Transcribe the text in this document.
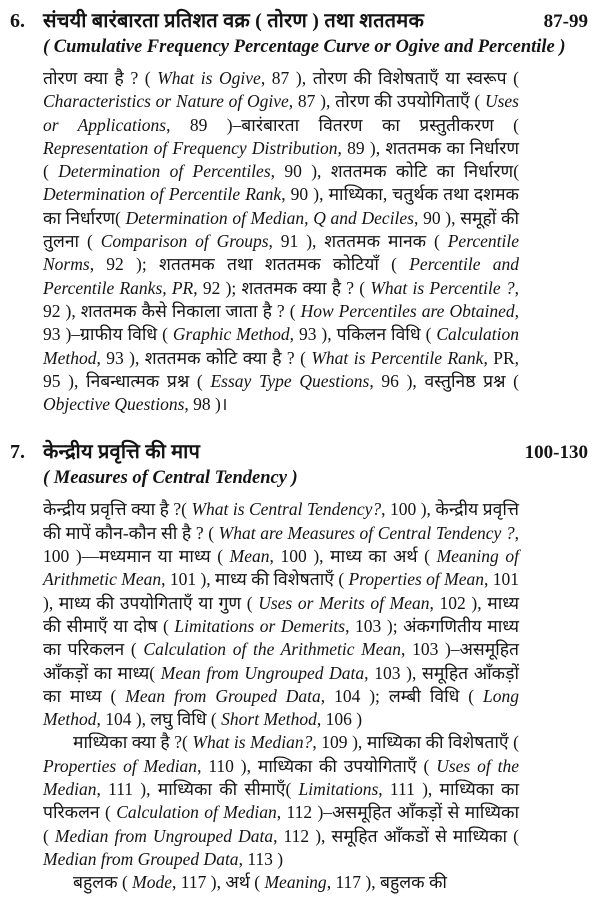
6. संचयी बारंबारता प्रतिशत वक्र ( तोरण ) तथा शततमक	87-99
( Cumulative Frequency Percentage Curve or Ogive and Percentile )

तोरण क्या है ? ( What is Ogive, 87 ), तोरण की विशेषताएँ या स्वरूप ( Characteristics or Nature of Ogive, 87 ), तोरण की उपयोगिताएँ ( Uses or Applications, 89 )–बारंबारता वितरण का प्रस्तुतीकरण ( Representation of Frequency Distribution, 89 ), शततमक का निर्धारण ( Determination of Percentiles, 90 ), शततमक कोटि का निर्धारण( Determination of Percentile Rank, 90 ), माध्यिका, चतुर्थक तथा दशमक का निर्धारण( Determination of Median, Q and Deciles, 90 ), समूहों की तुलना ( Comparison of Groups, 91 ), शततमक मानक ( Percentile Norms, 92 ); शततमक तथा शततमक कोटियाँ ( Percentile and Percentile Ranks, PR, 92 ); शततमक क्या है ? ( What is Percentile ?, 92 ), शततमक कैसे निकाला जाता है ? ( How Percentiles are Obtained, 93 )–ग्राफीय विधि ( Graphic Method, 93 ), पकिलन विधि ( Calculation Method, 93 ), शततमक कोटि क्या है ? ( What is Percentile Rank, PR, 95 ), निबन्धात्मक प्रश्न ( Essay Type Questions, 96 ), वस्तुनिष्ठ प्रश्न ( Objective Questions, 98 )।

7. केन्द्रीय प्रवृत्ति की माप	100-130
( Measures of Central Tendency )

केन्द्रीय प्रवृत्ति क्या है ?( What is Central Tendency?, 100 ), केन्द्रीय प्रवृत्ति की मापें कौन-कौन सी है ? ( What are Measures of Central Tendency ?, 100 )—मध्यमान या माध्य ( Mean, 100 ), माध्य का अर्थ ( Meaning of Arithmetic Mean, 101 ), माध्य की विशेषताएँ ( Properties of Mean, 101 ), माध्य की उपयोगिताएँ या गुण ( Uses or Merits of Mean, 102 ), माध्य की सीमाएँ या दोष ( Limitations or Demerits, 103 ); अंकगणितीय माध्य का परिकलन ( Calculation of the Arithmetic Mean, 103 )–असमूहित आँकड़ों का माध्य( Mean from Ungrouped Data, 103 ), समूहित आँकड़ों का माध्य ( Mean from Grouped Data, 104 ); लम्बी विधि ( Long Method, 104 ), लघु विधि ( Short Method, 106 )

माध्यिका क्या है ?( What is Median?, 109 ), माध्यिका की विशेषताएँ ( Properties of Median, 110 ), माध्यिका की उपयोगिताएँ ( Uses of the Median, 111 ), माध्यिका की सीमाएँ( Limitations, 111 ), माध्यिका का परिकलन ( Calculation of Median, 112 )–असमूहित आँकड़ों से माध्यिका ( Median from Ungrouped Data, 112 ), समूहित आँकडों से माध्यिका ( Median from Grouped Data, 113 )

बहुलक ( Mode, 117 ), अर्थ ( Meaning, 117 ), बहुलक की
